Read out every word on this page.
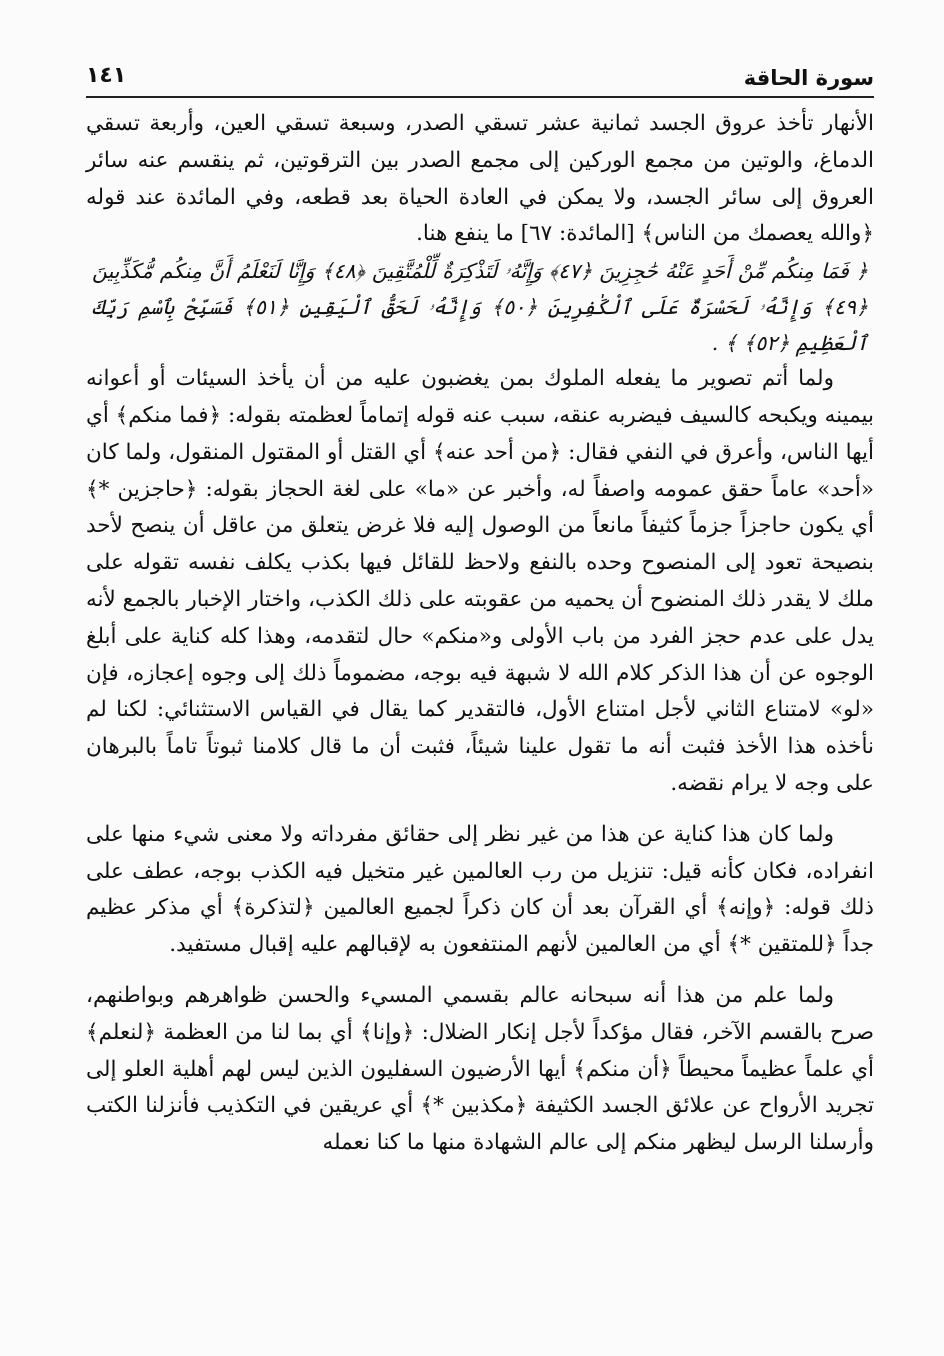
سورة الحاقة
١٤١

الأنهار تأخذ عروق الجسد ثمانية عشر تسقي الصدر، وسبعة تسقي العين، وأربعة تسقي الدماغ، والوتين من مجمع الوركين إلى مجمع الصدر بين الترقوتين، ثم ينقسم عنه سائر العروق إلى سائر الجسد، ولا يمكن في العادة الحياة بعد قطعه، وفي المائدة عند قوله ﴿والله يعصمك من الناس﴾ [المائدة: ٦٧] ما ينفع هنا.

﴿ فَمَا مِنكُم مِّنْ أَحَدٍ عَنْهُ حَٰجِزِينَ ﴿٤٧﴾ وَإِنَّهُۥ لَتَذْكِرَةٌ لِّلْمُتَّقِينَ ﴿٤٨﴾ وَإِنَّا لَنَعْلَمُ أَنَّ مِنكُم مُّكَذِّبِينَ ﴿٤٩﴾ وَإِنَّهُۥ لَحَسْرَةٌ عَلَى ٱلْكَٰفِرِينَ ﴿٥٠﴾ وَإِنَّهُۥ لَحَقُّ ٱلْيَقِينِ ﴿٥١﴾ فَسَبِّحْ بِٱسْمِ رَبِّكَ ٱلْعَظِيمِ ﴿٥٢﴾ ﴾ .

ولما أتم تصوير ما يفعله الملوك بمن يغضبون عليه من أن يأخذ السيئات أو أعوانه بيمينه ويكبحه كالسيف فيضربه عنقه، سبب عنه قوله إتماماً لعظمته بقوله: ﴿فما منكم﴾ أي أيها الناس، وأعرق في النفي فقال: ﴿من أحد عنه﴾ أي القتل أو المقتول المنقول، ولما كان «أحد» عاماً حقق عمومه واصفاً له، وأخبر عن «ما» على لغة الحجاز بقوله: ﴿حاجزين *﴾ أي يكون حاجزاً جزماً كثيفاً مانعاً من الوصول إليه فلا غرض يتعلق من عاقل أن ينصح لأحد بنصيحة تعود إلى المنصوح وحده بالنفع ولاحظ للقائل فيها بكذب يكلف نفسه تقوله على ملك لا يقدر ذلك المنضوح أن يحميه من عقوبته على ذلك الكذب، واختار الإخبار بالجمع لأنه يدل على عدم حجز الفرد من باب الأولى و«منكم» حال لتقدمه، وهذا كله كناية على أبلغ الوجوه عن أن هذا الذكر كلام الله لا شبهة فيه بوجه، مضموماً ذلك إلى وجوه إعجازه، فإن «لو» لامتناع الثاني لأجل امتناع الأول، فالتقدير كما يقال في القياس الاستثنائي: لكنا لم نأخذه هذا الأخذ فثبت أنه ما تقول علينا شيئاً، فثبت أن ما قال كلامنا ثبوتاً تاماً بالبرهان على وجه لا يرام نقضه.

ولما كان هذا كناية عن هذا من غير نظر إلى حقائق مفرداته ولا معنى شيء منها على انفراده، فكان كأنه قيل: تنزيل من رب العالمين غير متخيل فيه الكذب بوجه، عطف على ذلك قوله: ﴿وإنه﴾ أي القرآن بعد أن كان ذكراً لجميع العالمين ﴿لتذكرة﴾ أي مذكر عظيم جداً ﴿للمتقين *﴾ أي من العالمين لأنهم المنتفعون به لإقبالهم عليه إقبال مستفيد.

ولما علم من هذا أنه سبحانه عالم بقسمي المسيء والحسن ظواهرهم وبواطنهم، صرح بالقسم الآخر، فقال مؤكداً لأجل إنكار الضلال: ﴿وإنا﴾ أي بما لنا من العظمة ﴿لنعلم﴾ أي علماً عظيماً محيطاً ﴿أن منكم﴾ أيها الأرضيون السفليون الذين ليس لهم أهلية العلو إلى تجريد الأرواح عن علائق الجسد الكثيفة ﴿مكذبين *﴾ أي عريقين في التكذيب فأنزلنا الكتب وأرسلنا الرسل ليظهر منكم إلى عالم الشهادة منها ما كنا نعمله
